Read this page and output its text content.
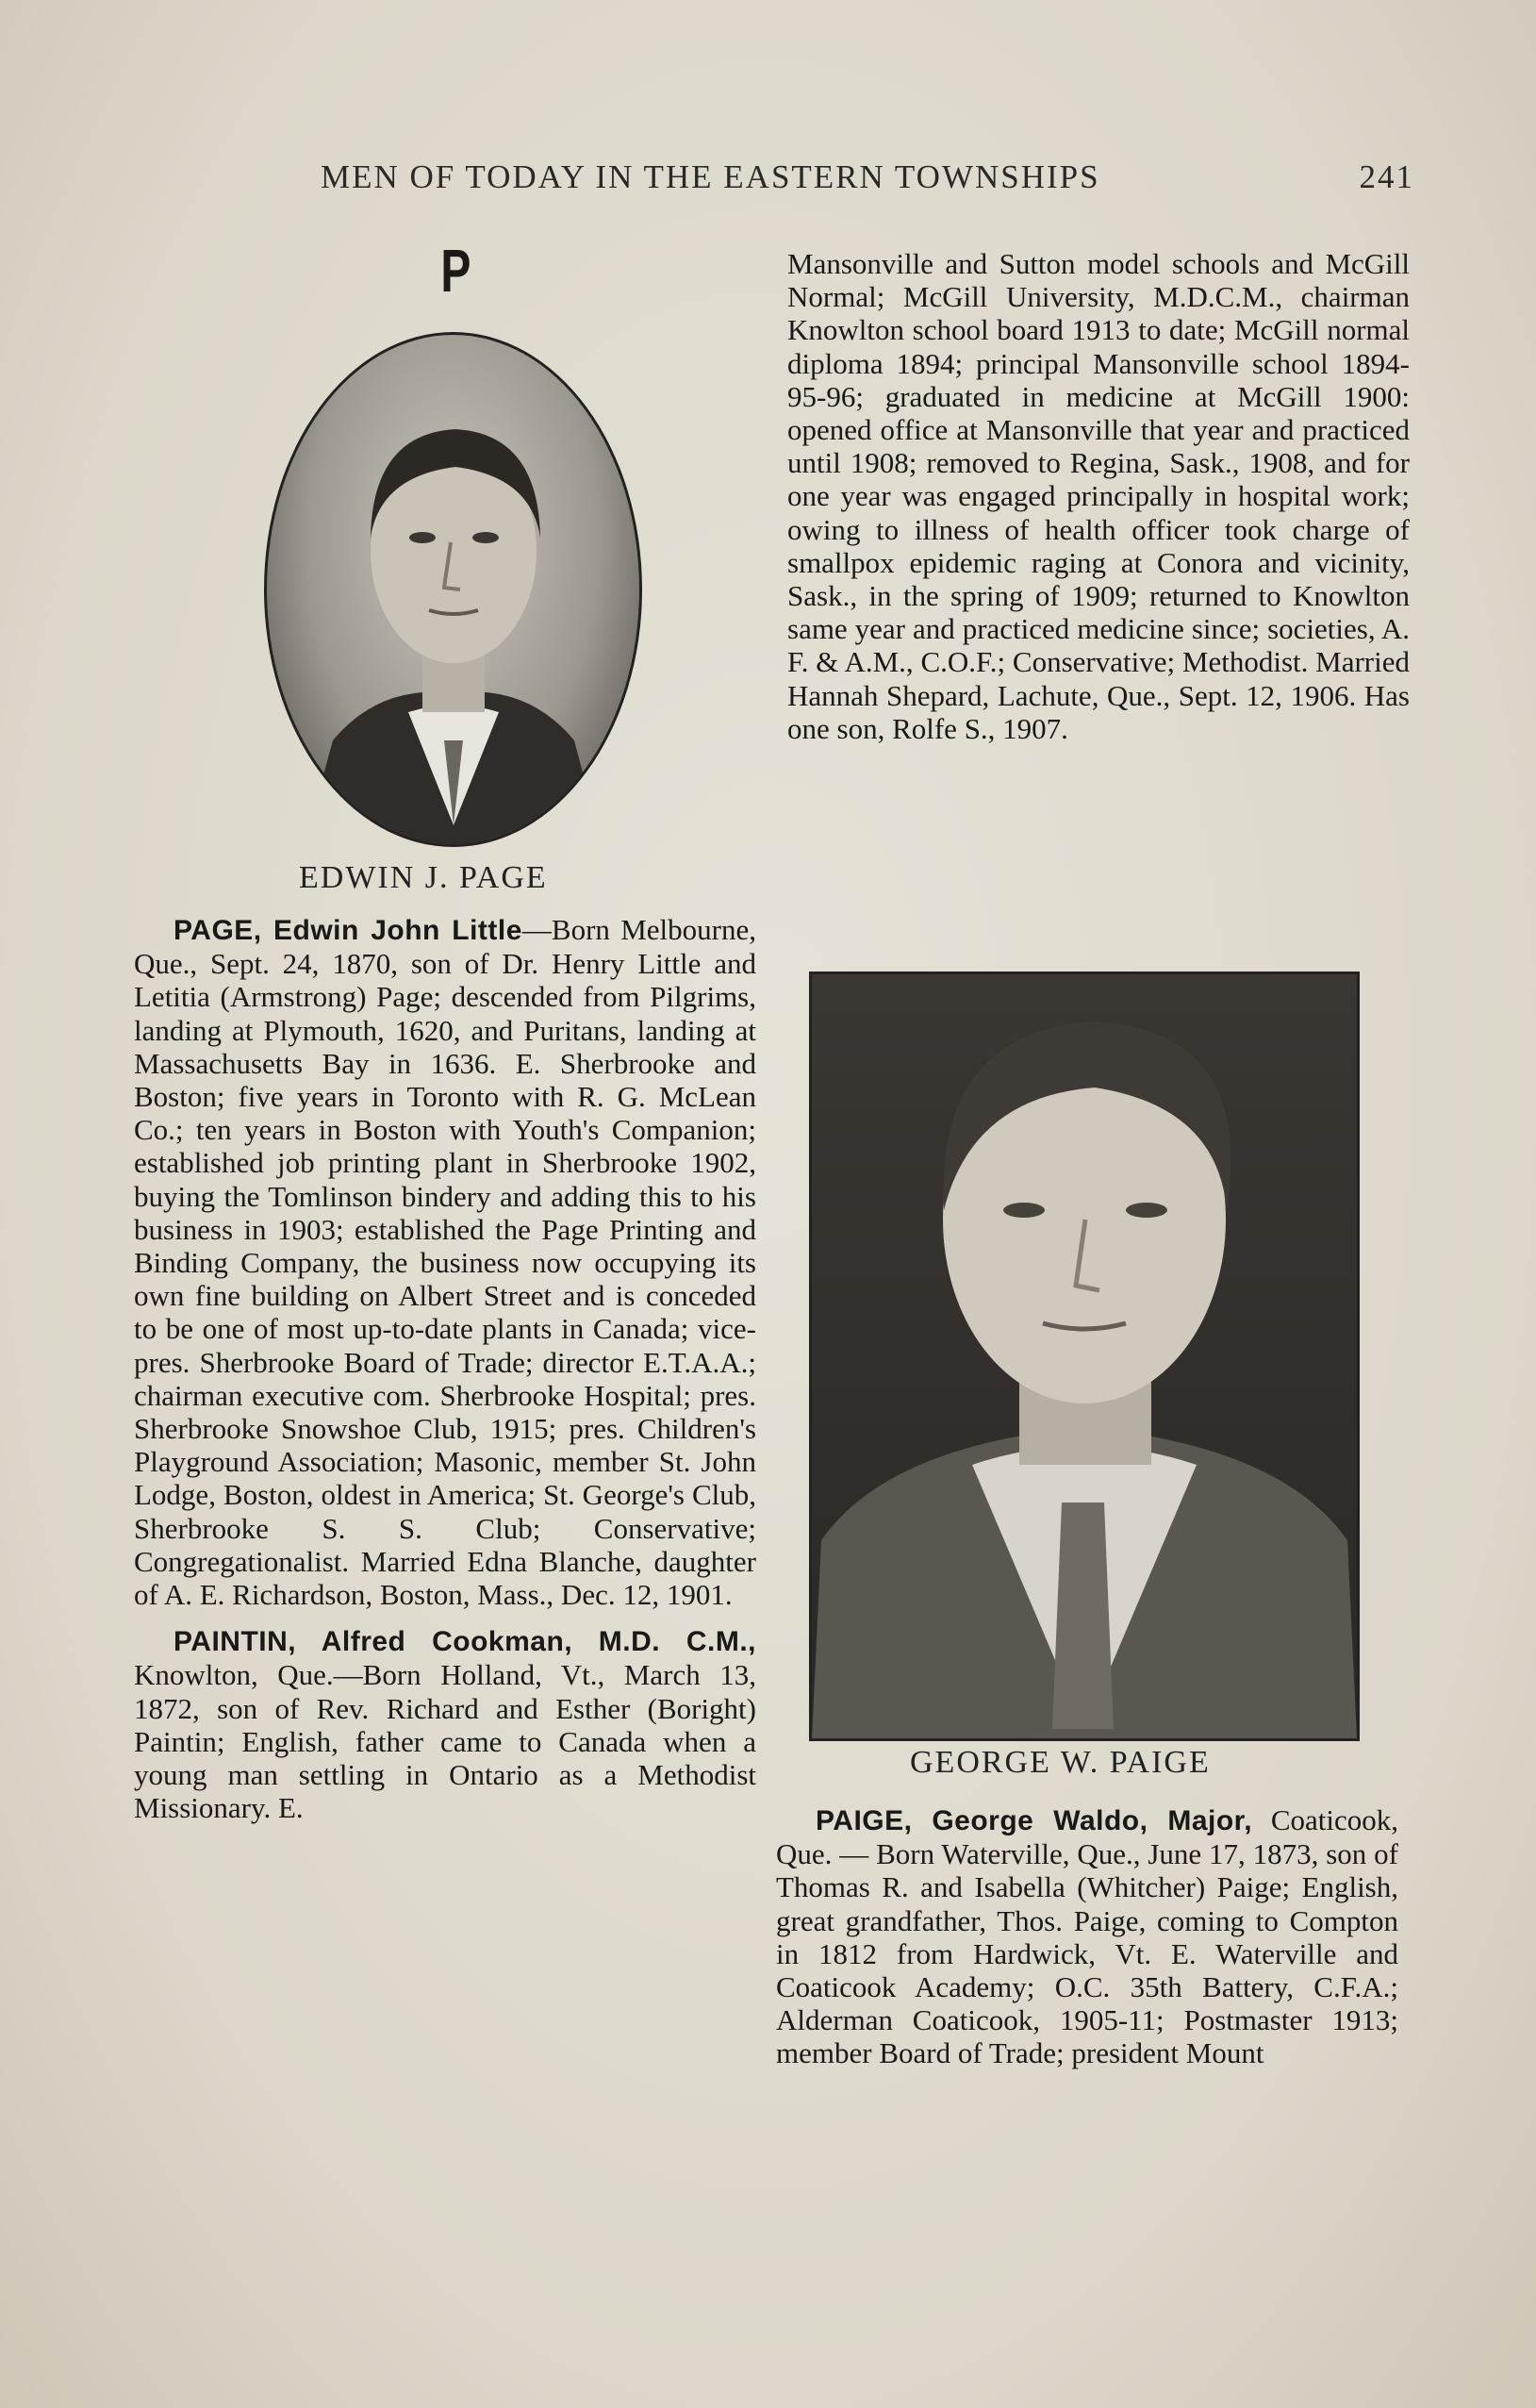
MEN OF TODAY IN THE EASTERN TOWNSHIPS	241
P
EDWIN J. PAGE

PAGE, Edwin John Little—Born Melbourne, Que., Sept. 24, 1870, son of Dr. Henry Little and Letitia (Armstrong) Page; descended from Pilgrims, landing at Plymouth, 1620, and Puritans, landing at Massachusetts Bay in 1636. E. Sherbrooke and Boston; five years in Toronto with R. G. McLean Co.; ten years in Boston with Youth's Companion; established job printing plant in Sherbrooke 1902, buying the Tomlinson bindery and adding this to his business in 1903; established the Page Printing and Binding Company, the business now occupying its own fine building on Albert Street and is conceded to be one of most up-to-date plants in Canada; vice-pres. Sherbrooke Board of Trade; director E.T.A.A.; chairman executive com. Sherbrooke Hospital; pres. Sherbrooke Snowshoe Club, 1915; pres. Children's Playground Association; Masonic, member St. John Lodge, Boston, oldest in America; St. George's Club, Sherbrooke S. S. Club; Conservative; Congregationalist. Married Edna Blanche, daughter of A. E. Richardson, Boston, Mass., Dec. 12, 1901.

PAINTIN, Alfred Cookman, M.D. C.M., Knowlton, Que.—Born Holland, Vt., March 13, 1872, son of Rev. Richard and Esther (Boright) Paintin; English, father came to Canada when a young man settling in Ontario as a Methodist Missionary. E.

Mansonville and Sutton model schools and McGill Normal; McGill University, M.D.C.M., chairman Knowlton school board 1913 to date; McGill normal diploma 1894; principal Mansonville school 1894-95-96; graduated in medicine at McGill 1900: opened office at Mansonville that year and practiced until 1908; removed to Regina, Sask., 1908, and for one year was engaged principally in hospital work; owing to illness of health officer took charge of smallpox epidemic raging at Conora and vicinity, Sask., in the spring of 1909; returned to Knowlton same year and practiced medicine since; societies, A. F. & A.M., C.O.F.; Conservative; Methodist. Married Hannah Shepard, Lachute, Que., Sept. 12, 1906. Has one son, Rolfe S., 1907.

GEORGE W. PAIGE

PAIGE, George Waldo, Major, Coaticook, Que. — Born Waterville, Que., June 17, 1873, son of Thomas R. and Isabella (Whitcher) Paige; English, great grandfather, Thos. Paige, coming to Compton in 1812 from Hardwick, Vt. E. Waterville and Coaticook Academy; O.C. 35th Battery, C.F.A.; Alderman Coaticook, 1905-11; Postmaster 1913; member Board of Trade; president Mount
